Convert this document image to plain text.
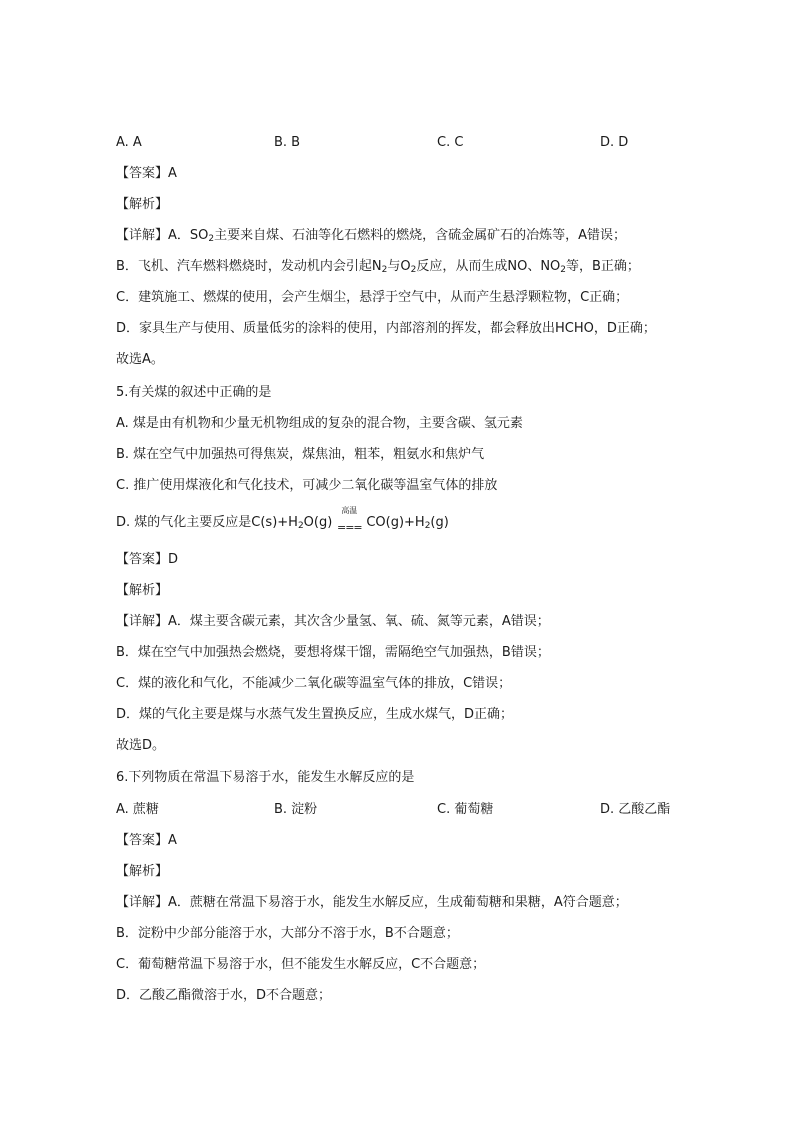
A. A	B. B	C. C	D. D
【答案】A
【解析】
【详解】A．$SO_2$主要来自煤、石油等化石燃料的燃烧，含硫金属矿石的冶炼等，A错误；
B．飞机、汽车燃料燃烧时，发动机内会引起$N_2$与$O_2$反应，从而生成NO、$NO_2$等，B正确；
C．建筑施工、燃煤的使用，会产生烟尘，悬浮于空气中，从而产生悬浮颗粒物，C正确；
D．家具生产与使用、质量低劣的涂料的使用，内部溶剂的挥发，都会释放出HCHO，D正确；
故选A。
5.有关煤的叙述中正确的是
A. 煤是由有机物和少量无机物组成的复杂的混合物，主要含碳、氢元素
B. 煤在空气中加强热可得焦炭，煤焦油，粗苯，粗氨水和焦炉气
C. 推广使用煤液化和气化技术，可减少二氧化碳等温室气体的排放
D. 煤的气化主要反应是$C(s)+H_2O(g)$
高温
=== $CO(g)+H_2(g)$
【答案】D
【解析】
【详解】A．煤主要含碳元素，其次含少量氢、氧、硫、氮等元素，A错误；
B．煤在空气中加强热会燃烧，要想将煤干馏，需隔绝空气加强热，B错误；
C．煤的液化和气化，不能减少二氧化碳等温室气体的排放，C错误；
D．煤的气化主要是煤与水蒸气发生置换反应，生成水煤气，D正确；
故选D。
6.下列物质在常温下易溶于水，能发生水解反应的是
A. 蔗糖	B. 淀粉	C. 葡萄糖	D. 乙酸乙酯
【答案】A
【解析】
【详解】A．蔗糖在常温下易溶于水，能发生水解反应，生成葡萄糖和果糖，A符合题意；
B．淀粉中少部分能溶于水，大部分不溶于水，B不合题意；
C．葡萄糖常温下易溶于水，但不能发生水解反应，C不合题意；
D．乙酸乙酯微溶于水，D不合题意；
